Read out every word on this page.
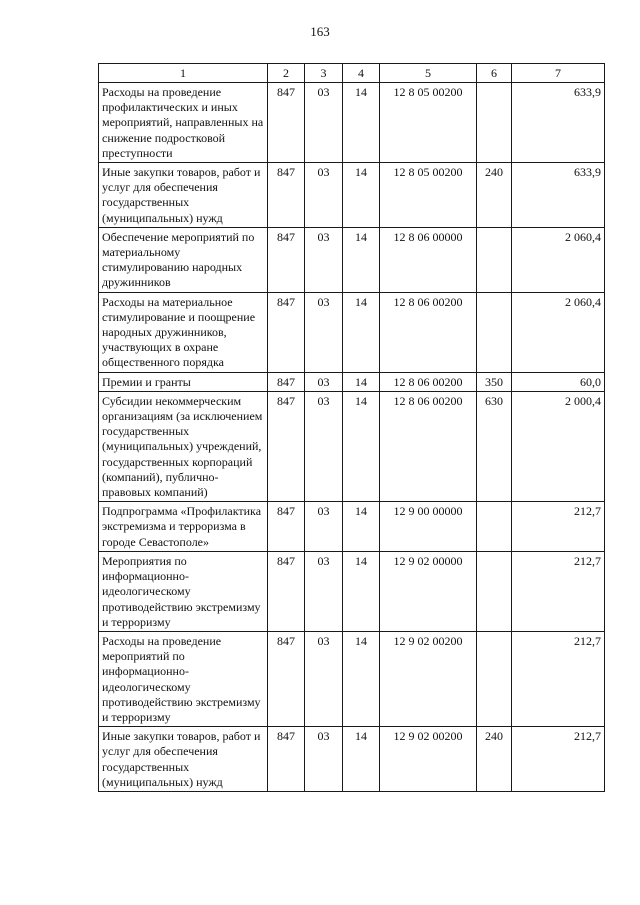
163
1	2	3	4	5	6	7
Расходы на проведение профилактических и иных мероприятий, направленных на снижение подростковой преступности	847	03	14	12 8 05 00200		633,9
Иные закупки товаров, работ и услуг для обеспечения государственных (муниципальных) нужд	847	03	14	12 8 05 00200	240	633,9
Обеспечение мероприятий по материальному стимулированию народных дружинников	847	03	14	12 8 06 00000		2 060,4
Расходы на материальное стимулирование и поощрение народных дружинников, участвующих в охране общественного порядка	847	03	14	12 8 06 00200		2 060,4
Премии и гранты	847	03	14	12 8 06 00200	350	60,0
Субсидии некоммерческим организациям (за исключением государственных (муниципальных) учреждений, государственных корпораций (компаний), публично-правовых компаний)	847	03	14	12 8 06 00200	630	2 000,4
Подпрограмма «Профилактика экстремизма и терроризма в городе Севастополе»	847	03	14	12 9 00 00000		212,7
Мероприятия по информационно-идеологическому противодействию экстремизму и терроризму	847	03	14	12 9 02 00000		212,7
Расходы на проведение мероприятий по информационно-идеологическому противодействию экстремизму и терроризму	847	03	14	12 9 02 00200		212,7
Иные закупки товаров, работ и услуг для обеспечения государственных (муниципальных) нужд	847	03	14	12 9 02 00200	240	212,7
